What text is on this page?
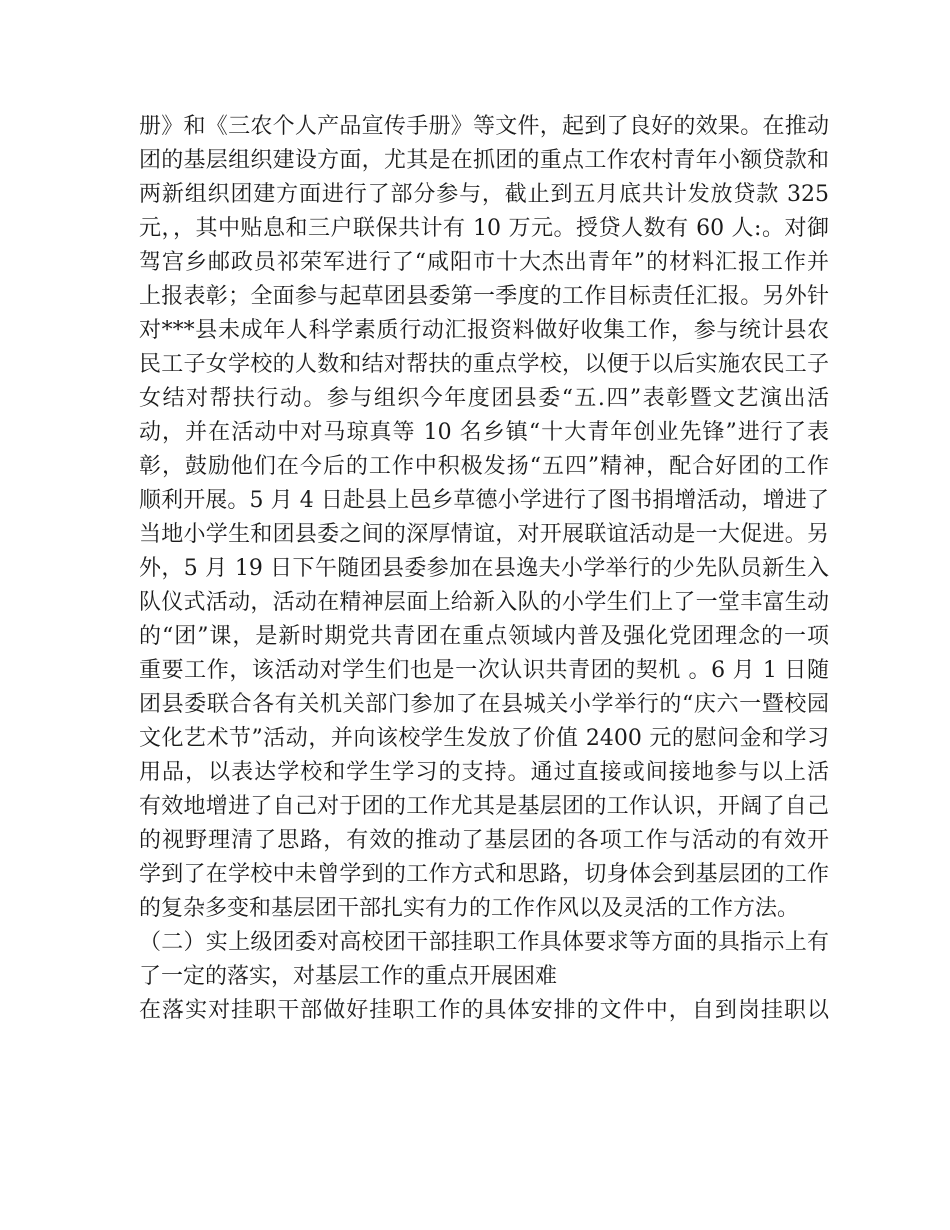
册》和《三农个人产品宣传手册》等文件，起到了良好的效果。在推动
团的基层组织建设方面，尤其是在抓团的重点工作农村青年小额贷款和
两新组织团建方面进行了部分参与，截止到五月底共计发放贷款 325
元，，其中贴息和三户联保共计有 10 万元。授贷人数有 60 人:。对御
驾宫乡邮政员祁荣军进行了“咸阳市十大杰出青年”的材料汇报工作并
上报表彰；全面参与起草团县委第一季度的工作目标责任汇报。另外针
对***县未成年人科学素质行动汇报资料做好收集工作，参与统计县农
民工子女学校的人数和结对帮扶的重点学校，以便于以后实施农民工子
女结对帮扶行动。参与组织今年度团县委“五.四”表彰暨文艺演出活
动，并在活动中对马琼真等 10 名乡镇“十大青年创业先锋”进行了表
彰，鼓励他们在今后的工作中积极发扬“五四”精神，配合好团的工作
顺利开展。5 月 4 日赴县上邑乡草德小学进行了图书捐增活动，增进了
当地小学生和团县委之间的深厚情谊，对开展联谊活动是一大促进。另
外，5 月 19 日下午随团县委参加在县逸夫小学举行的少先队员新生入
队仪式活动，活动在精神层面上给新入队的小学生们上了一堂丰富生动
的“团”课，是新时期党共青团在重点领域内普及强化党团理念的一项
重要工作，该活动对学生们也是一次认识共青团的契机 。6 月 1 日随
团县委联合各有关机关部门参加了在县城关小学举行的“庆六一暨校园
文化艺术节”活动，并向该校学生发放了价值 2400 元的慰问金和学习
用品，以表达学校和学生学习的支持。通过直接或间接地参与以上活
有效地增进了自己对于团的工作尤其是基层团的工作认识，开阔了自己
的视野理清了思路，有效的推动了基层团的各项工作与活动的有效开
学到了在学校中未曾学到的工作方式和思路，切身体会到基层团的工作
的复杂多变和基层团干部扎实有力的工作作风以及灵活的工作方法。
（二）实上级团委对高校团干部挂职工作具体要求等方面的具指示上有
了一定的落实，对基层工作的重点开展困难
在落实对挂职干部做好挂职工作的具体安排的文件中，自到岗挂职以
